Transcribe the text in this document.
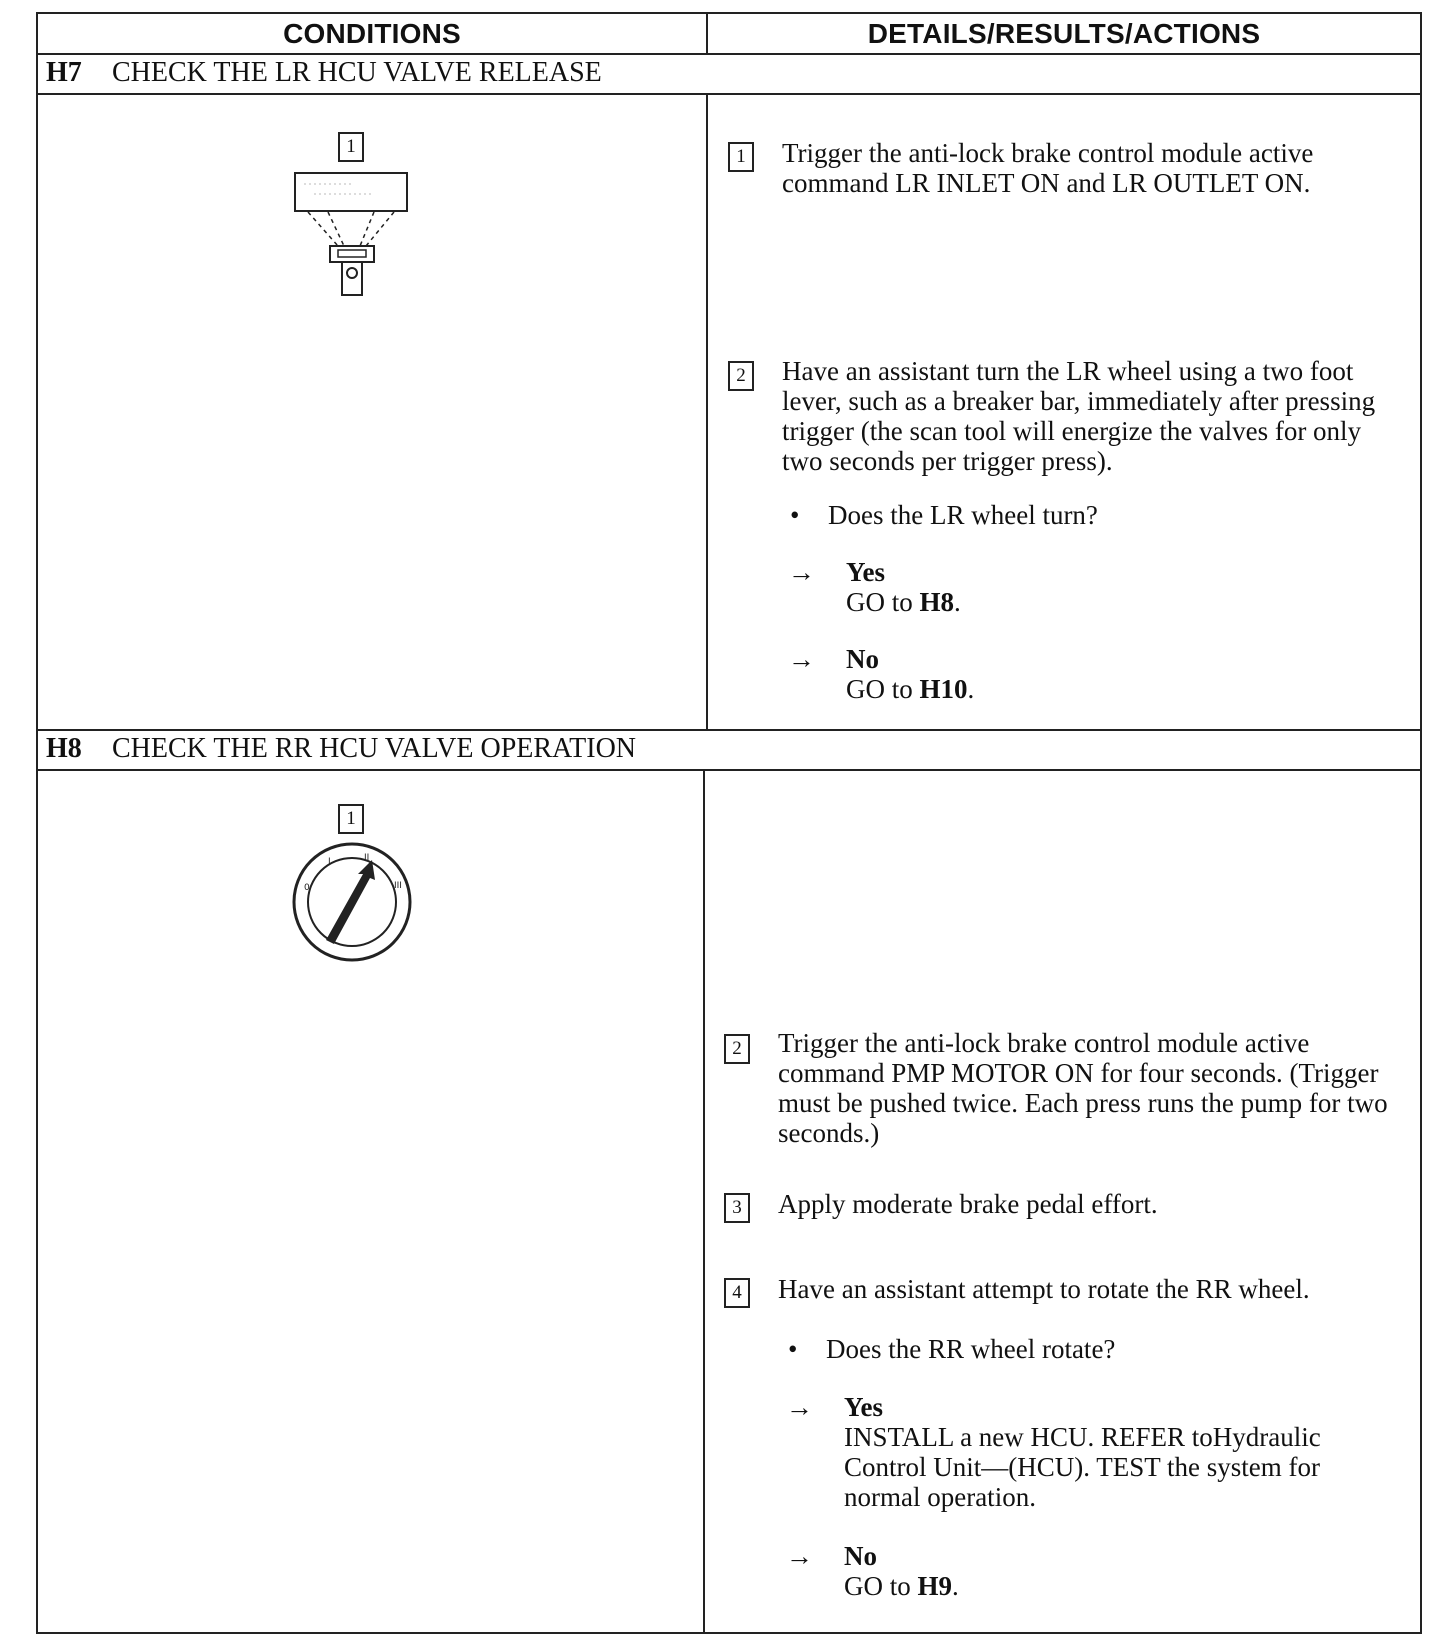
CONDITIONS	DETAILS/RESULTS/ACTIONS
H7	CHECK THE LR HCU VALVE RELEASE
1	1	Trigger the anti-lock brake control module active command LR INLET ON and LR OUTLET ON.
2	Have an assistant turn the LR wheel using a two foot lever, such as a breaker bar, immediately after pressing trigger (the scan tool will energize the valves for only two seconds per trigger press).
• Does the LR wheel turn?
→ Yes
GO to H8.
→ No
GO to H10.
H8	CHECK THE RR HCU VALVE OPERATION
1
0
I	II
III
2	Trigger the anti-lock brake control module active command PMP MOTOR ON for four seconds. (Trigger must be pushed twice. Each press runs the pump for two seconds.)
3	Apply moderate brake pedal effort.
4	Have an assistant attempt to rotate the RR wheel.
• Does the RR wheel rotate?
→ Yes
INSTALL a new HCU. REFER toHydraulic Control Unit—(HCU). TEST the system for normal operation.
→ No
GO to H9.
